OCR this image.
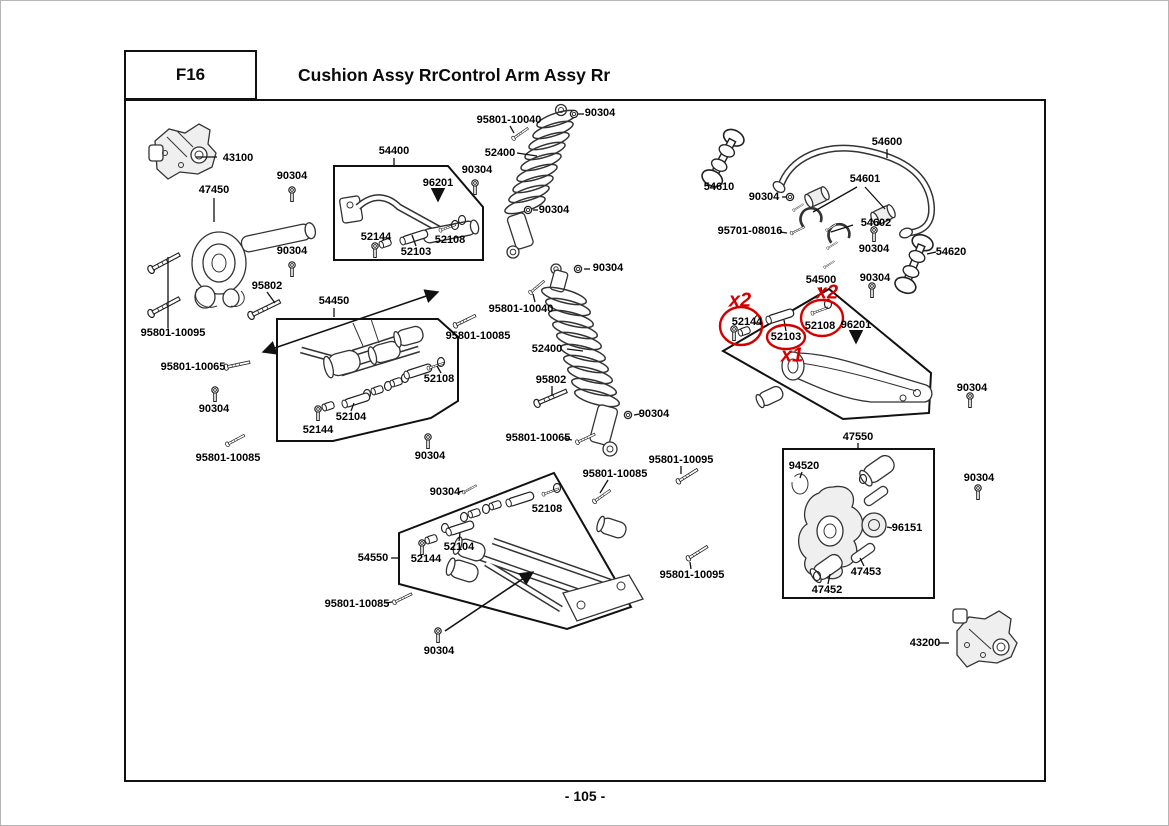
F16	Cushion Assy RrControl Arm Assy Rr
43100
47450
90304
90304
95802
95801-10095
95801-10065
90304
95801-10085
54450
52104
52144
52108
95801-10085
54400
96201
90304
52144
52103
52108
95801-10040
90304
52400
90304
90304
95801-10040
52400
95802
90304
95801-10065
90304
90304
95801-10085
52108
52104
52144
54550
95801-10085
90304
95801-10095
95801-10095
54600
54610
90304
54601
54602
95701-08016
90304	54620
90304
54500
52144
52103
52108 96201
90304
47550
94520
96151
47453
47452
90304
43200
x2	x2
x1
- 105 -
